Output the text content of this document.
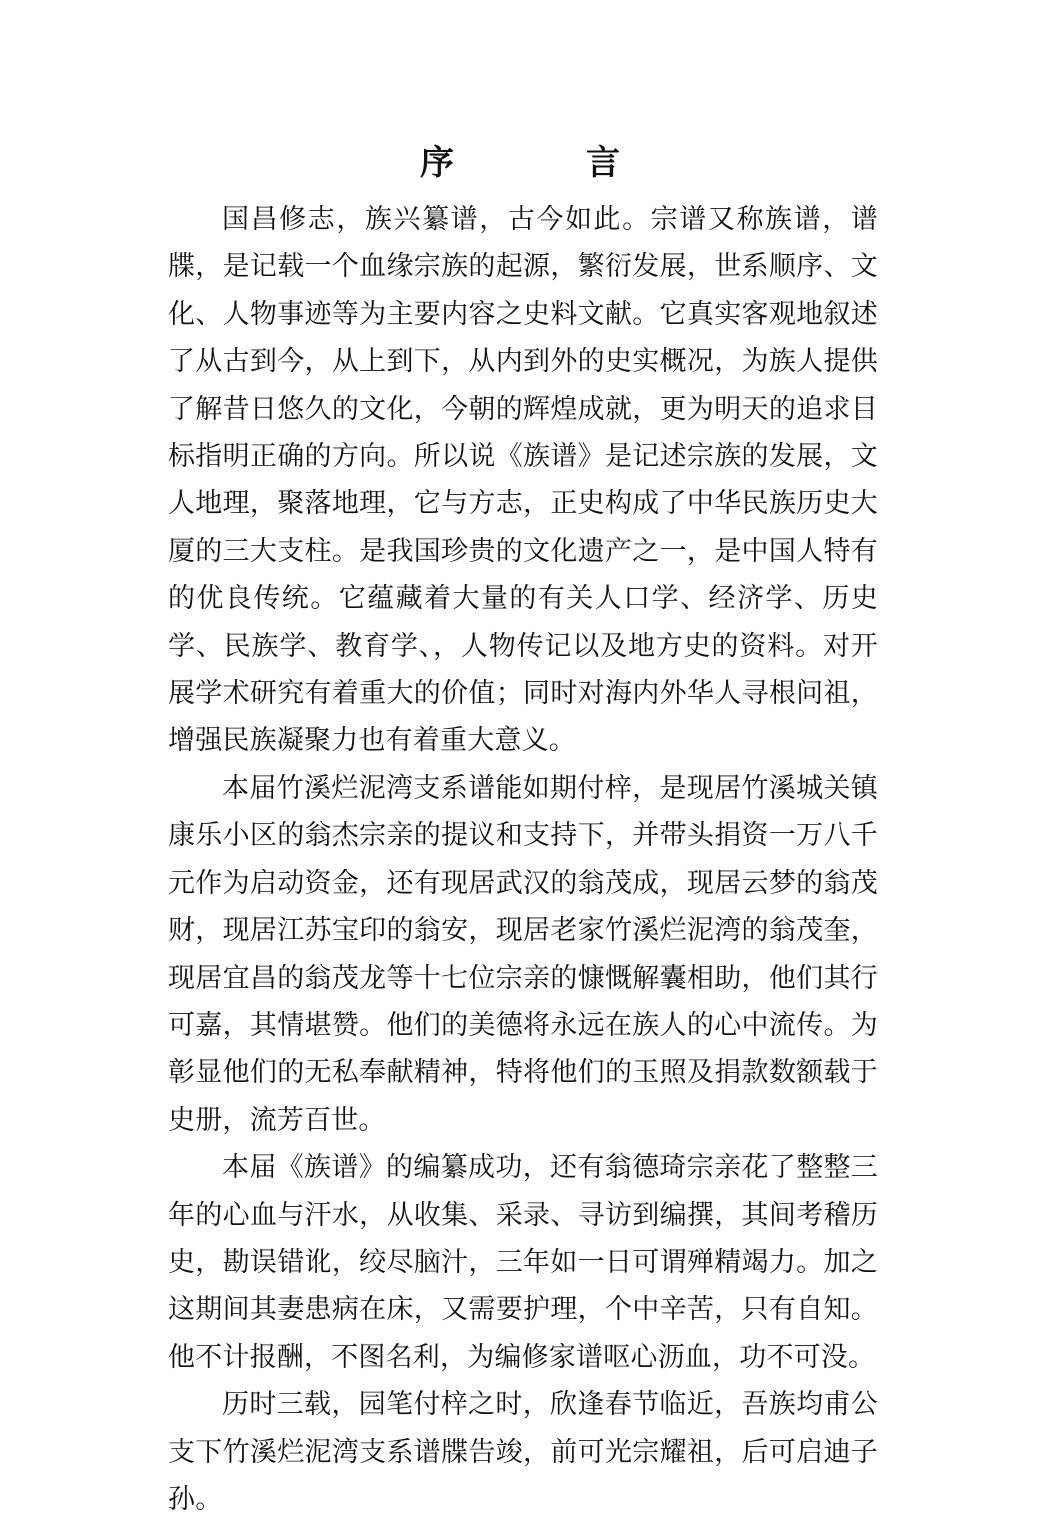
序	言

国昌修志，族兴纂谱，古今如此。宗谱又称族谱，谱牒，是记载一个血缘宗族的起源，繁衍发展，世系顺序、文化、人物事迹等为主要内容之史料文献。它真实客观地叙述了从古到今，从上到下，从内到外的史实概况，为族人提供了解昔日悠久的文化，今朝的辉煌成就，更为明天的追求目标指明正确的方向。所以说《族谱》是记述宗族的发展，文人地理，聚落地理，它与方志，正史构成了中华民族历史大厦的三大支柱。是我国珍贵的文化遗产之一，是中国人特有的优良传统。它蕴藏着大量的有关人口学、经济学、历史学、民族学、教育学、，人物传记以及地方史的资料。对开展学术研究有着重大的价值；同时对海内外华人寻根问祖，增强民族凝聚力也有着重大意义。

本届竹溪烂泥湾支系谱能如期付梓，是现居竹溪城关镇康乐小区的翁杰宗亲的提议和支持下，并带头捐资一万八千元作为启动资金，还有现居武汉的翁茂成，现居云梦的翁茂财，现居江苏宝印的翁安，现居老家竹溪烂泥湾的翁茂奎，现居宜昌的翁茂龙等十七位宗亲的慷慨解囊相助，他们其行可嘉，其情堪赞。他们的美德将永远在族人的心中流传。为彰显他们的无私奉献精神，特将他们的玉照及捐款数额载于史册，流芳百世。

本届《族谱》的编纂成功，还有翁德琦宗亲花了整整三年的心血与汗水，从收集、采录、寻访到编撰，其间考稽历史，勘误错讹，绞尽脑汁，三年如一日可谓殚精竭力。加之这期间其妻患病在床，又需要护理，个中辛苦，只有自知。他不计报酬，不图名利，为编修家谱呕心沥血，功不可没。

历时三载，园笔付梓之时，欣逢春节临近，吾族均甫公支下竹溪烂泥湾支系谱牒告竣，前可光宗耀祖，后可启迪子孙。
